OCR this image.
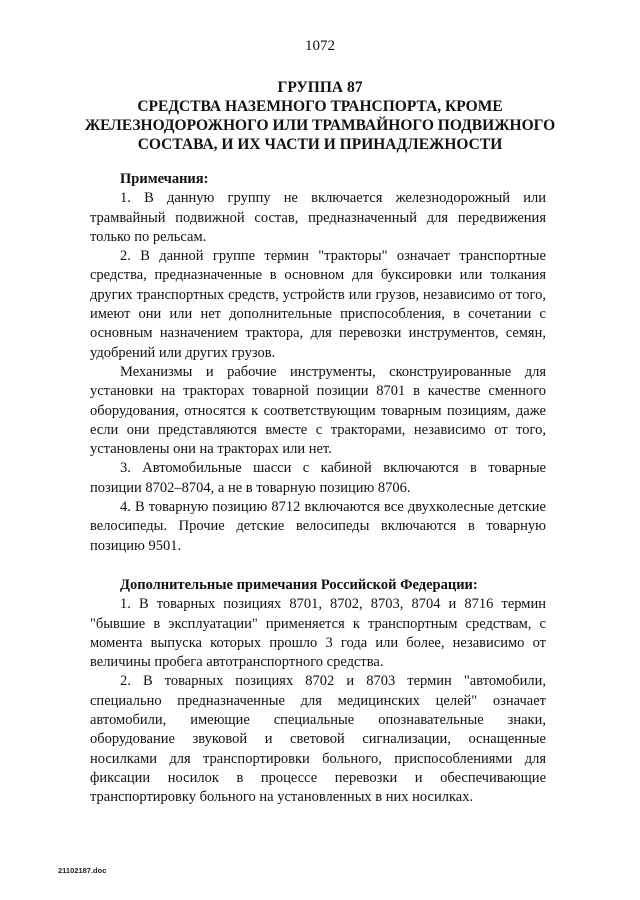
1072
ГРУППА 87
СРЕДСТВА НАЗЕМНОГО ТРАНСПОРТА, КРОМЕ
ЖЕЛЕЗНОДОРОЖНОГО ИЛИ ТРАМВАЙНОГО ПОДВИЖНОГО
СОСТАВА, И ИХ ЧАСТИ И ПРИНАДЛЕЖНОСТИ

Примечания:

1. В данную группу не включается железнодорожный или трамвайный подвижной состав, предназначенный для передвижения только по рельсам.

2. В данной группе термин "тракторы" означает транспортные средства, предназначенные в основном для буксировки или толкания других транспортных средств, устройств или грузов, независимо от того, имеют они или нет дополнительные приспособления, в сочетании с основным назначением трактора, для перевозки инструментов, семян, удобрений или других грузов.

Механизмы и рабочие инструменты, сконструированные для установки на тракторах товарной позиции 8701 в качестве сменного оборудования, относятся к соответствующим товарным позициям, даже если они представляются вместе с тракторами, независимо от того, установлены они на тракторах или нет.

3. Автомобильные шасси с кабиной включаются в товарные позиции 8702–8704, а не в товарную позицию 8706.

4. В товарную позицию 8712 включаются все двухколесные детские велосипеды. Прочие детские велосипеды включаются в товарную позицию 9501.

Дополнительные примечания Российской Федерации:

1. В товарных позициях 8701, 8702, 8703, 8704 и 8716 термин "бывшие в эксплуатации" применяется к транспортным средствам, с момента выпуска которых прошло 3 года или более, независимо от величины пробега автотранспортного средства.

2. В товарных позициях 8702 и 8703 термин "автомобили, специально предназначенные для медицинских целей" означает автомобили, имеющие специальные опознавательные знаки, оборудование звуковой и световой сигнализации, оснащенные носилками для транспортировки больного, приспособлениями для фиксации носилок в процессе перевозки и обеспечивающие транспортировку больного на установленных в них носилках.

21102187.doc
